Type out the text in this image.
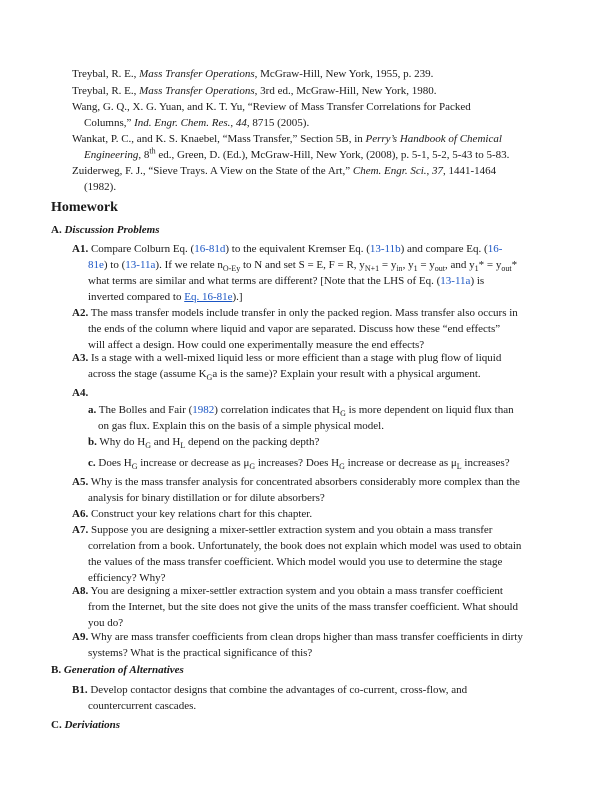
Treybal, R. E., Mass Transfer Operations, McGraw-Hill, New York, 1955, p. 239.
Treybal, R. E., Mass Transfer Operations, 3rd ed., McGraw-Hill, New York, 1980.
Wang, G. Q., X. G. Yuan, and K. T. Yu, “Review of Mass Transfer Correlations for Packed
Columns,” Ind. Engr. Chem. Res., 44, 8715 (2005).
Wankat, P. C., and K. S. Knaebel, “Mass Transfer,” Section 5B, in Perry’s Handbook of Chemical
Engineering, 8th ed., Green, D. (Ed.), McGraw-Hill, New York, (2008), p. 5-1, 5-2, 5-43 to 5-83.
Zuiderweg, F. J., “Sieve Trays. A View on the State of the Art,” Chem. Engr. Sci., 37, 1441-1464
(1982).
Homework
A. Discussion Problems
A1. Compare Colburn Eq. (16-81d) to the equivalent Kremser Eq. (13-11b) and compare Eq. (16-
81e) to (13-11a). If we relate $n_{O-Ey}$ to N and set S = E, F = R, $y_{N+1} = y_{in}$, $y_1 = y_{out}$, and $y_1* = y_{out}*$
what terms are similar and what terms are different? [Note that the LHS of Eq. (13-11a) is
inverted compared to Eq. 16-81e).]
A2. The mass transfer models include transfer in only the packed region. Mass transfer also occurs in
the ends of the column where liquid and vapor are separated. Discuss how these “end effects”
will affect a design. How could one experimentally measure the end effects?
A3. Is a stage with a well-mixed liquid less or more efficient than a stage with plug flow of liquid
across the stage (assume $K_Ga$ is the same)? Explain your result with a physical argument.
A4.
a. The Bolles and Fair (1982) correlation indicates that $H_G$ is more dependent on liquid flux than
on gas flux. Explain this on the basis of a simple physical model.
b. Why do $H_G$ and $H_L$ depend on the packing depth?
c. Does $H_G$ increase or decrease as $\mu_G$ increases? Does $H_G$ increase or decrease as $\mu_L$ increases?
A5. Why is the mass transfer analysis for concentrated absorbers considerably more complex than the
analysis for binary distillation or for dilute absorbers?
A6. Construct your key relations chart for this chapter.
A7. Suppose you are designing a mixer-settler extraction system and you obtain a mass transfer
correlation from a book. Unfortunately, the book does not explain which model was used to obtain
the values of the mass transfer coefficient. Which model would you use to determine the stage
efficiency? Why?
A8. You are designing a mixer-settler extraction system and you obtain a mass transfer coefficient
from the Internet, but the site does not give the units of the mass transfer coefficient. What should
you do?
A9. Why are mass transfer coefficients from clean drops higher than mass transfer coefficients in dirty
systems? What is the practical significance of this?
B. Generation of Alternatives
B1. Develop contactor designs that combine the advantages of co-current, cross-flow, and
countercurrent cascades.
C. Deriviations
